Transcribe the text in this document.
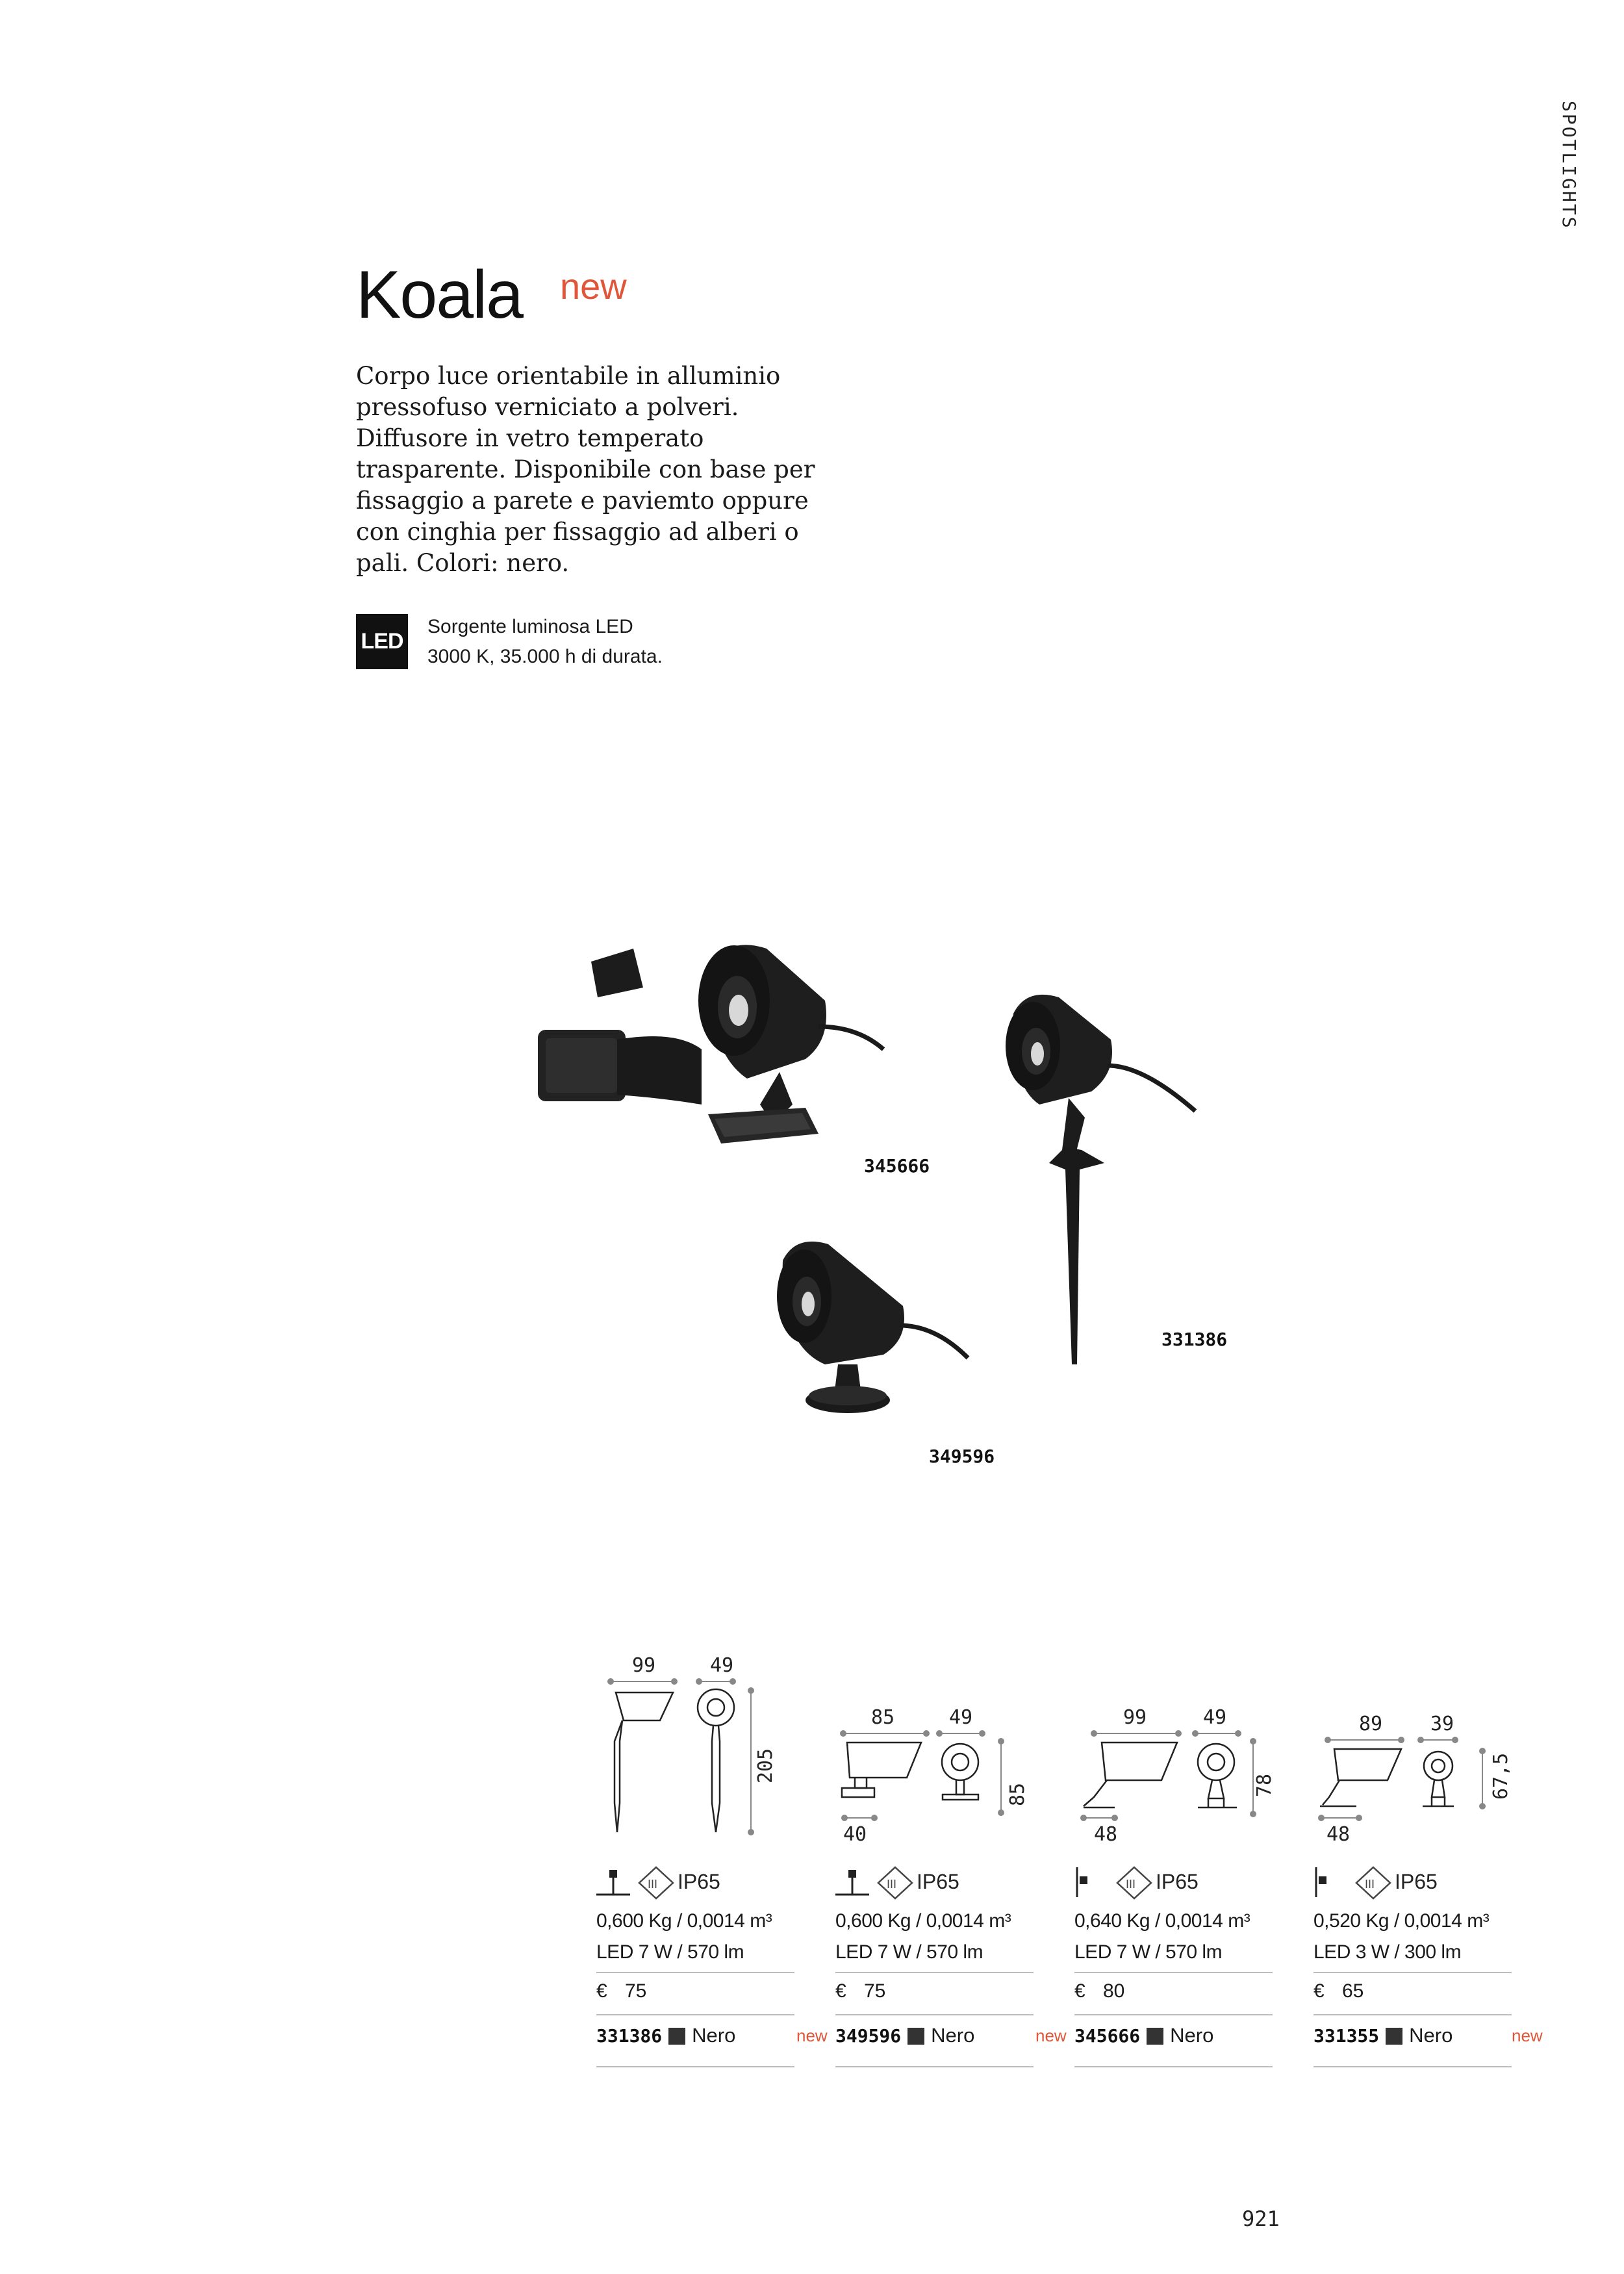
SPOTLIGHTS
Koala new
Corpo luce orientabile in alluminio pressofuso verniciato a polveri. Diffusore in vetro temperato trasparente. Disponibile con base per fissaggio a parete e paviemto oppure con cinghia per fissaggio ad alberi o pali. Colori: nero.
LED
Sorgente luminosa LED
3000 K, 35.000 h di durata.
345666
331386
349596
99	49
205
III IP65
0,600 Kg / 0,0014 m³
LED 7 W / 570 lm
€ 75
331386 Nero
85	49
85
40
III IP65
0,600 Kg / 0,0014 m³
LED 7 W / 570 lm
€ 75
349596 Nero
new
99	49
78
48
III IP65
0,640 Kg / 0,0014 m³
LED 7 W / 570 lm
€ 80
345666 Nero
new
89 39
67,5
48
III IP65
0,520 Kg / 0,0014 m³
LED 3 W / 300 lm
€ 65
331355 Nero	new
921
